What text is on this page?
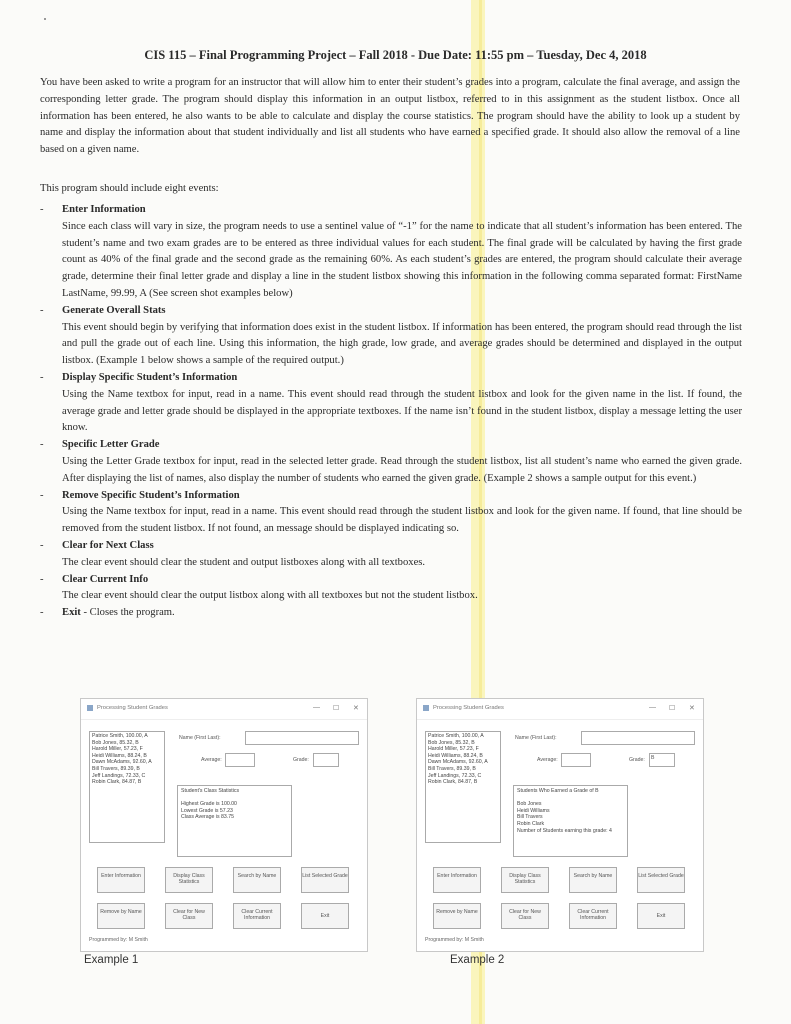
CIS 115 – Final Programming Project – Fall 2018 - Due Date: 11:55 pm – Tuesday, Dec 4, 2018
You have been asked to write a program for an instructor that will allow him to enter their student’s grades into a program, calculate the final average, and assign the corresponding letter grade. The program should display this information in an output listbox, referred to in this assignment as the student listbox. Once all information has been entered, he also wants to be able to calculate and display the course statistics. The program should have the ability to look up a student by name and display the information about that student individually and list all students who have earned a specified grade. It should also allow the removal of a line based on a given name.
This program should include eight events:
- Enter Information
Since each class will vary in size, the program needs to use a sentinel value of “-1” for the name to indicate that all student’s information has been entered. The student’s name and two exam grades are to be entered as three individual values for each student. The final grade will be calculated by having the first grade count as 40% of the final grade and the second grade as the remaining 60%. As each student’s grades are entered, the program should calculate their average grade, determine their final letter grade and display a line in the student listbox showing this information in the following comma separated format: FirstName LastName, 99.99, A (See screen shot examples below)
- Generate Overall Stats
This event should begin by verifying that information does exist in the student listbox. If information has been entered, the program should read through the list and pull the grade out of each line. Using this information, the high grade, low grade, and average grades should be determined and displayed in the output listbox. (Example 1 below shows a sample of the required output.)
- Display Specific Student’s Information
Using the Name textbox for input, read in a name. This event should read through the student listbox and look for the given name in the list. If found, the average grade and letter grade should be displayed in the appropriate textboxes. If the name isn’t found in the student listbox, display a message letting the user know.
- Specific Letter Grade
Using the Letter Grade textbox for input, read in the selected letter grade. Read through the student listbox, list all student’s name who earned the given grade. After displaying the list of names, also display the number of students who earned the given grade. (Example 2 shows a sample output for this event.)
- Remove Specific Student’s Information
Using the Name textbox for input, read in a name. This event should read through the student listbox and look for the given name. If found, that line should be removed from the student listbox. If not found, an message should be displayed indicating so.
- Clear for Next Class
The clear event should clear the student and output listboxes along with all textboxes.
- Clear Current Info
The clear event should clear the output listbox along with all textboxes but not the student listbox.
- Exit - Closes the program.
Processing Student Grades	— ☐ ✕
Patrice Smith, 100.00, A
Bob Jones, 85.32, B
Harold Miller, 57.23, F
Heidi Williams, 88.24, B
Dawn McAdams, 92.60, A
Bill Travers, 89.39, B
Jeff Landings, 72.33, C
Robin Clark, 84.87, B
Name (First Last):
Average:	Grade:
Student's Class Statistics

Highest Grade is 100.00
Lowest Grade is 57.23
Class Average is 83.75
Enter Information	Display Class Statistics
Search by Name	List Selected Grade
Remove by Name	Clear for New Class
Clear Current Information	Exit
Programmed by: M Smith
Example 1
Processing Student Grades	— ☐ ✕
Patrice Smith, 100.00, A
Bob Jones, 85.32, B
Harold Miller, 57.23, F
Heidi Williams, 88.24, B
Dawn McAdams, 92.60, A
Bill Travers, 89.39, B
Jeff Landings, 72.33, C
Robin Clark, 84.87, B
Name (First Last):
Average:	Grade:	B
Students Who Earned a Grade of B

Bob Jones
Heidi Williams
Bill Travers
Robin Clark
Number of Students earning this grade: 4
Enter Information	Display Class Statistics
Search by Name	List Selected Grade
Remove by Name	Clear for New Class
Clear Current Information	Exit
Programmed by: M Smith
Example 2
